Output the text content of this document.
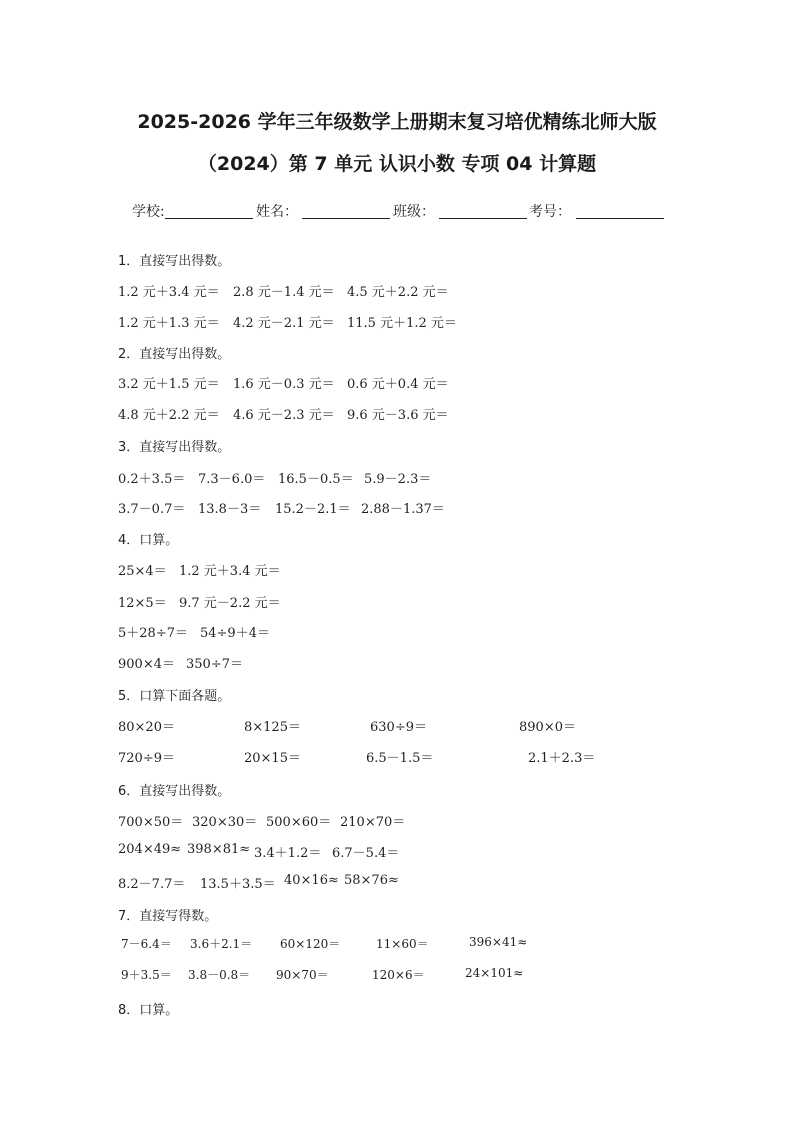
2025-2026 学年三年级数学上册期末复习培优精练北师大版
（2024）第 7 单元 认识小数 专项 04 计算题
学校:	姓名：	班级：	考号：
1．直接写出得数。
1.2 元＋3.4 元＝ 2.8 元－1.4 元＝ 4.5 元＋2.2 元＝
1.2 元＋1.3 元＝ 4.2 元－2.1 元＝ 11.5 元＋1.2 元＝
2．直接写出得数。
3.2 元＋1.5 元＝ 1.6 元－0.3 元＝ 0.6 元＋0.4 元＝
4.8 元＋2.2 元＝ 4.6 元－2.3 元＝ 9.6 元－3.6 元＝
3．直接写出得数。
0.2＋3.5＝ 7.3－6.0＝ 16.5－0.5＝ 5.9－2.3＝
3.7－0.7＝ 13.8－3＝ 15.2－2.1＝ 2.88－1.37＝
4．口算。
25×4＝ 1.2 元＋3.4 元＝
12×5＝ 9.7 元－2.2 元＝
5＋28÷7＝ 54÷9＋4＝
900×4＝ 350÷7＝
5．口算下面各题。
80×20＝	8×125＝	630÷9＝	890×0＝
720÷9＝	20×15＝	6.5－1.5＝	2.1＋2.3＝
6．直接写出得数。
700×50＝ 320×30＝ 500×60＝ 210×70＝
204×49≈ 398×81≈ 3.4＋1.2＝ 6.7－5.4＝
8.2－7.7＝ 13.5＋3.5＝ 40×16≈ 58×76≈
7．直接写得数。
7－6.4＝ 3.6＋2.1＝ 60×120＝	11×60＝	396×41≈
9＋3.5＝ 3.8－0.8＝ 90×70＝	120×6＝	24×101≈
8．口算。
